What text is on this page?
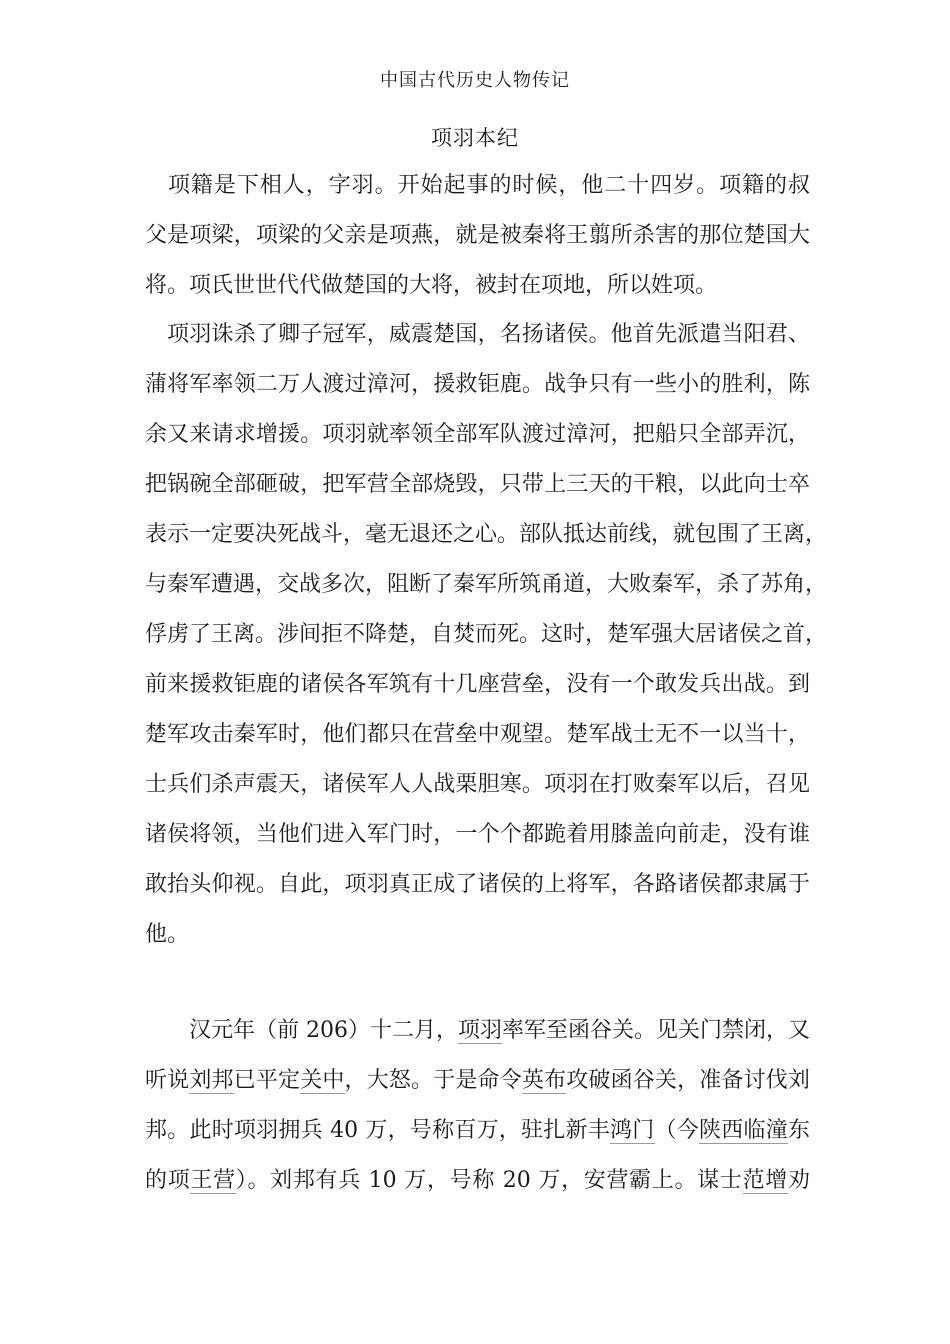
中国古代历史人物传记
项羽本纪
　项籍是下相人，字羽。开始起事的时候，他二十四岁。项籍的叔
父是项梁，项梁的父亲是项燕，就是被秦将王翦所杀害的那位楚国大
将。项氏世世代代做楚国的大将，被封在项地，所以姓项。
　项羽诛杀了卿子冠军，威震楚国，名扬诸侯。他首先派遣当阳君、
蒲将军率领二万人渡过漳河，援救钜鹿。战争只有一些小的胜利，陈
余又来请求增援。项羽就率领全部军队渡过漳河，把船只全部弄沉，
把锅碗全部砸破，把军营全部烧毁，只带上三天的干粮，以此向士卒
表示一定要决死战斗，毫无退还之心。部队抵达前线，就包围了王离，
与秦军遭遇，交战多次，阻断了秦军所筑甬道，大败秦军，杀了苏角，
俘虏了王离。涉间拒不降楚，自焚而死。这时，楚军强大居诸侯之首，
前来援救钜鹿的诸侯各军筑有十几座营垒，没有一个敢发兵出战。到
楚军攻击秦军时，他们都只在营垒中观望。楚军战士无不一以当十，
士兵们杀声震天，诸侯军人人战栗胆寒。项羽在打败秦军以后，召见
诸侯将领，当他们进入军门时，一个个都跪着用膝盖向前走，没有谁
敢抬头仰视。自此，项羽真正成了诸侯的上将军，各路诸侯都隶属于
他。
　　汉元年（前 206）十二月，项羽率军至函谷关。见关门禁闭，又
听说刘邦已平定关中，大怒。于是命令英布攻破函谷关，准备讨伐刘
邦。此时项羽拥兵 40 万，号称百万，驻扎新丰鸿门（今陕西临潼东
的项王营）。刘邦有兵 10 万，号称 20 万，安营霸上。谋士范增劝
